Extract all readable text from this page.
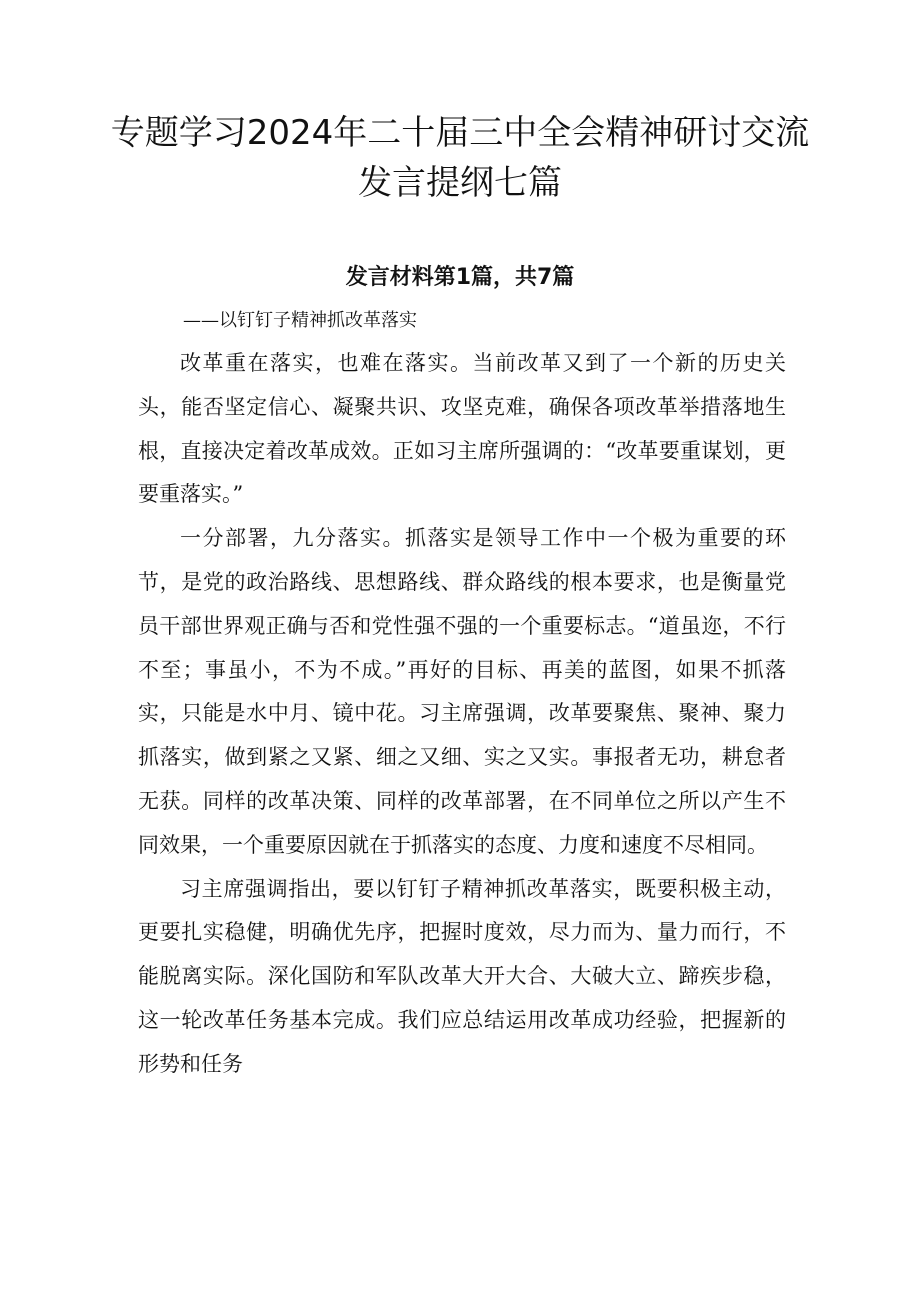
专题学习2024年二十届三中全会精神研讨交流发言提纲七篇
发言材料第1篇，共7篇
——以钉钉子精神抓改革落实

改革重在落实，也难在落实。当前改革又到了一个新的历史关头，能否坚定信心、凝聚共识、攻坚克难，确保各项改革举措落地生根，直接决定着改革成效。正如习主席所强调的：“改革要重谋划，更要重落实。”

一分部署，九分落实。抓落实是领导工作中一个极为重要的环节，是党的政治路线、思想路线、群众路线的根本要求，也是衡量党员干部世界观正确与否和党性强不强的一个重要标志。“道虽迩，不行不至；事虽小，不为不成。”再好的目标、再美的蓝图，如果不抓落实，只能是水中月、镜中花。习主席强调，改革要聚焦、聚神、聚力抓落实，做到紧之又紧、细之又细、实之又实。事报者无功，耕怠者无获。同样的改革决策、同样的改革部署，在不同单位之所以产生不同效果，一个重要原因就在于抓落实的态度、力度和速度不尽相同。

习主席强调指出，要以钉钉子精神抓改革落实，既要积极主动，更要扎实稳健，明确优先序，把握时度效，尽力而为、量力而行，不能脱离实际。深化国防和军队改革大开大合、大破大立、蹄疾步稳，这一轮改革任务基本完成。我们应总结运用改革成功经验，把握新的形势和任务
